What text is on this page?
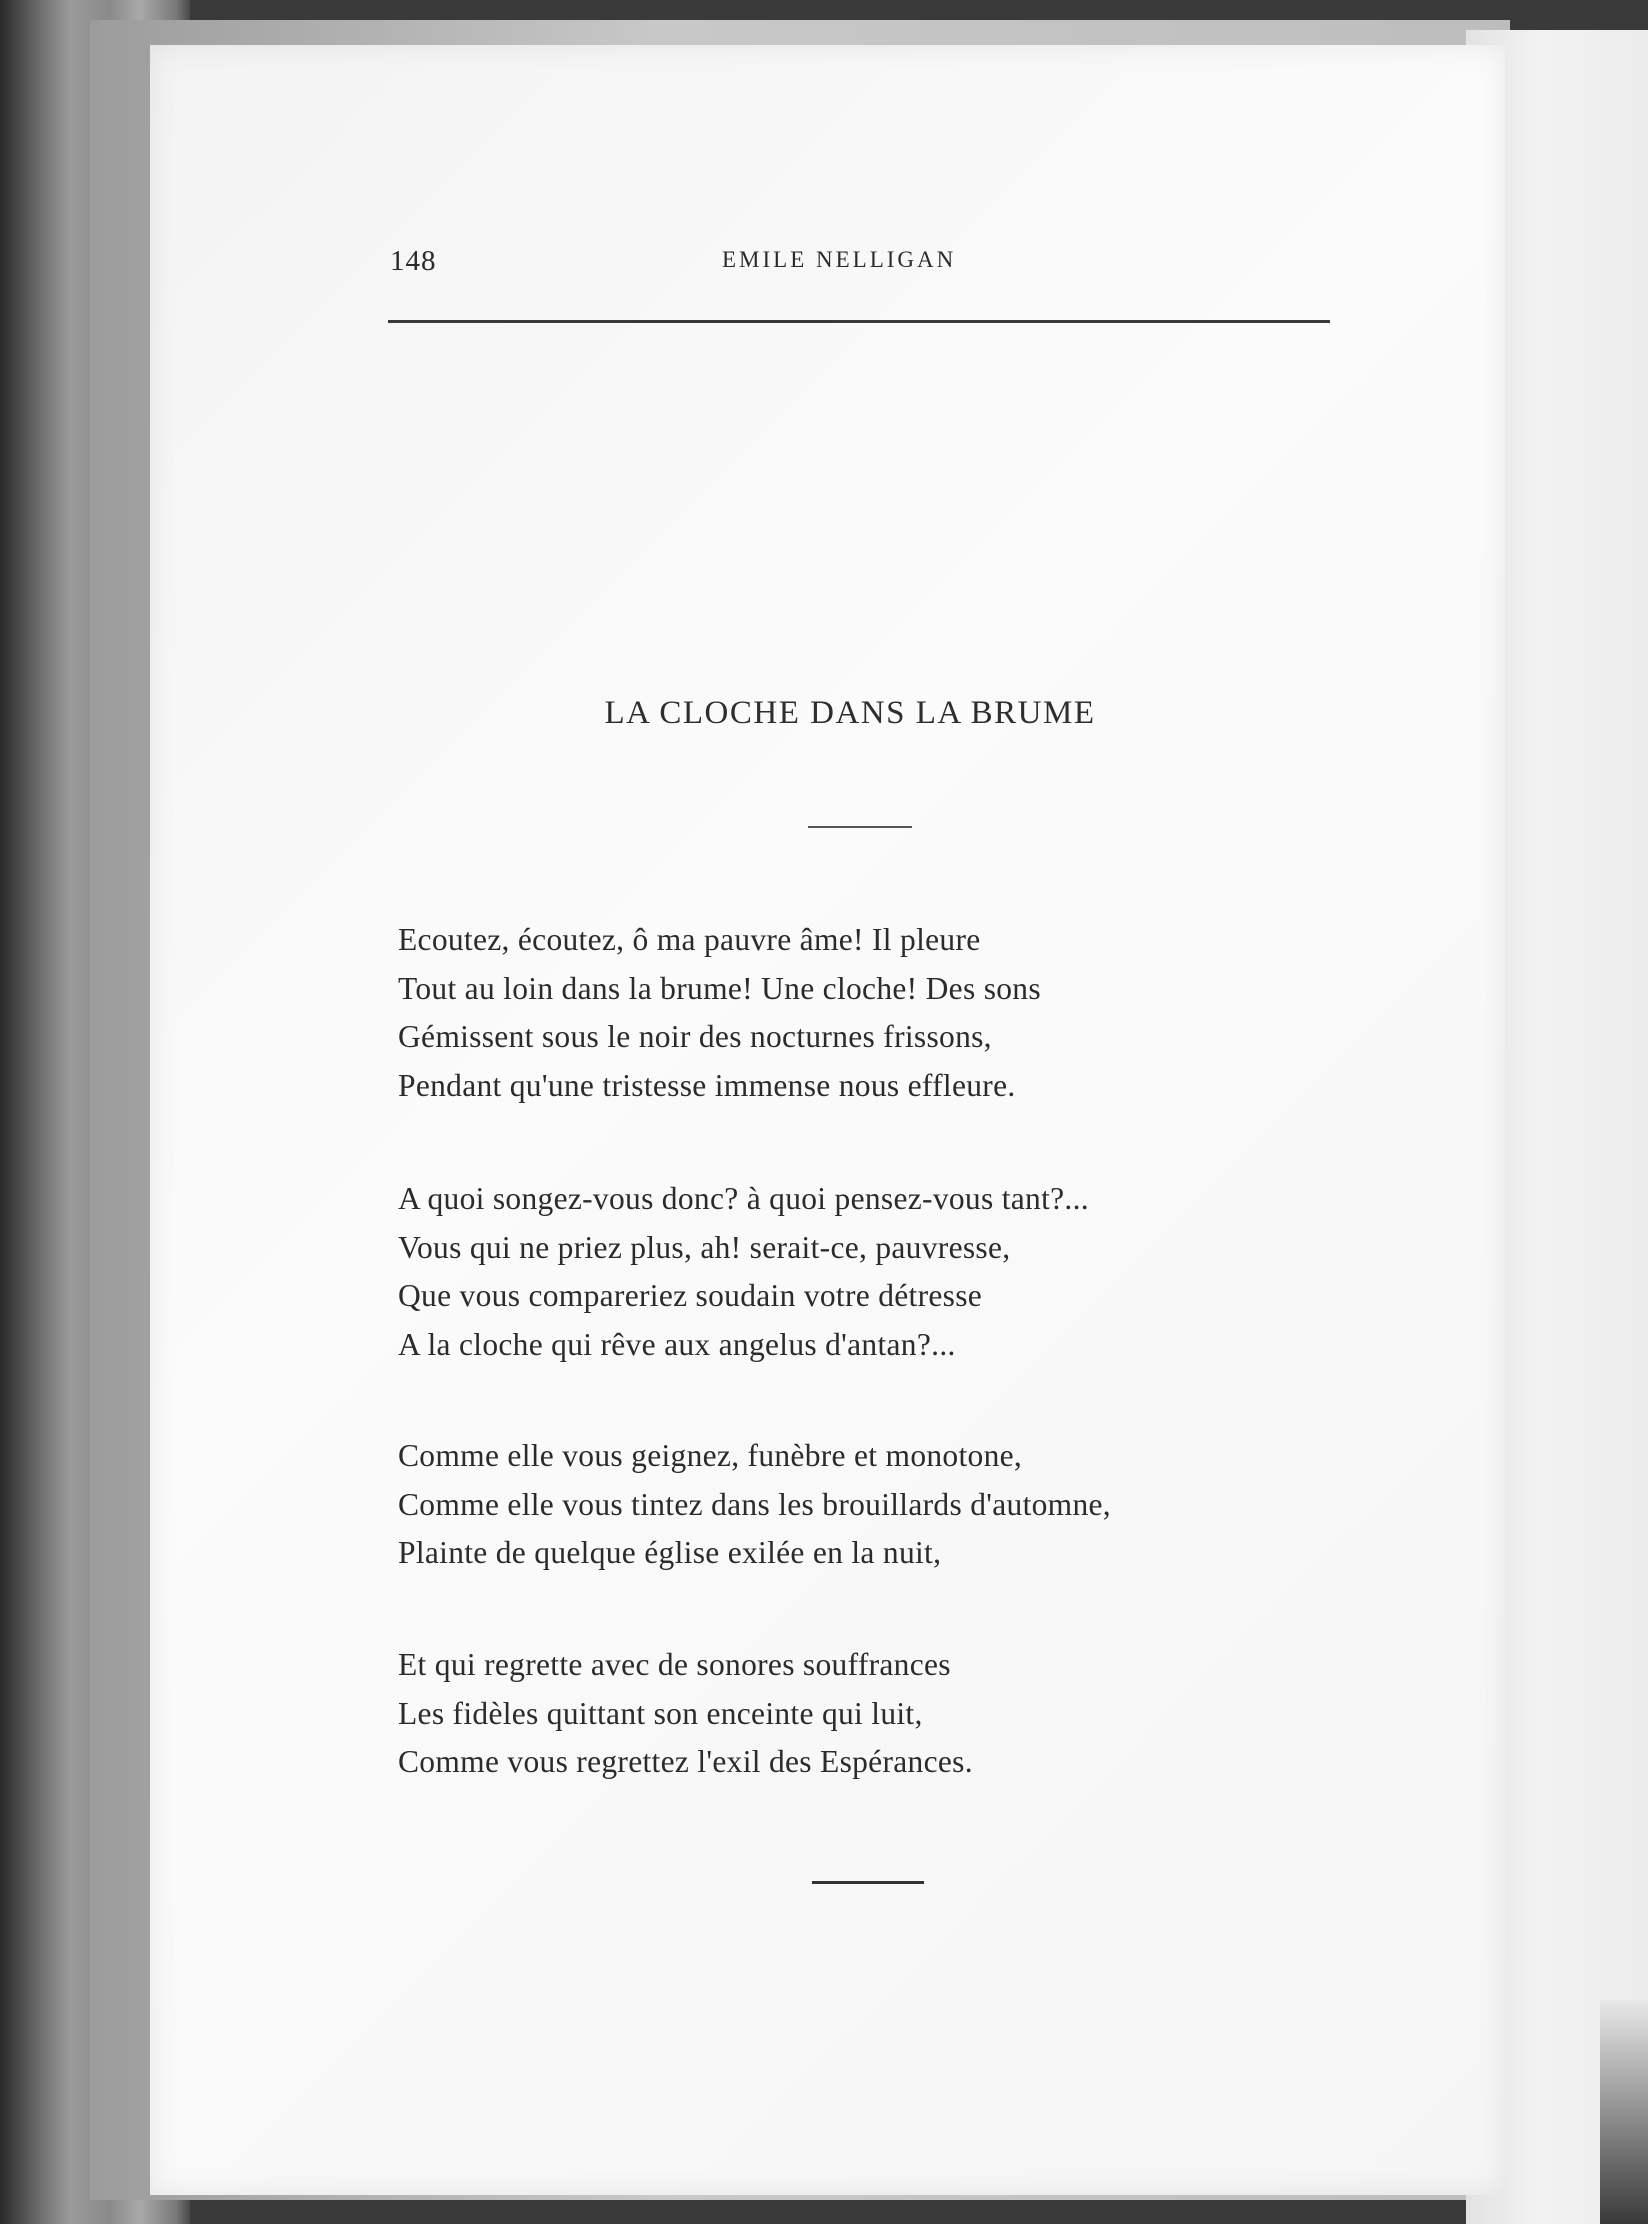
148	EMILE NELLIGAN
LA CLOCHE DANS LA BRUME
Ecoutez, écoutez, ô ma pauvre âme! Il pleure
Tout au loin dans la brume! Une cloche! Des sons
Gémissent sous le noir des nocturnes frissons,
Pendant qu'une tristesse immense nous effleure.
A quoi songez-vous donc? à quoi pensez-vous tant?...
Vous qui ne priez plus, ah! serait-ce, pauvresse,
Que vous compareriez soudain votre détresse
A la cloche qui rêve aux angelus d'antan?...
Comme elle vous geignez, funèbre et monotone,
Comme elle vous tintez dans les brouillards d'automne,
Plainte de quelque église exilée en la nuit,
Et qui regrette avec de sonores souffrances
Les fidèles quittant son enceinte qui luit,
Comme vous regrettez l'exil des Espérances.
